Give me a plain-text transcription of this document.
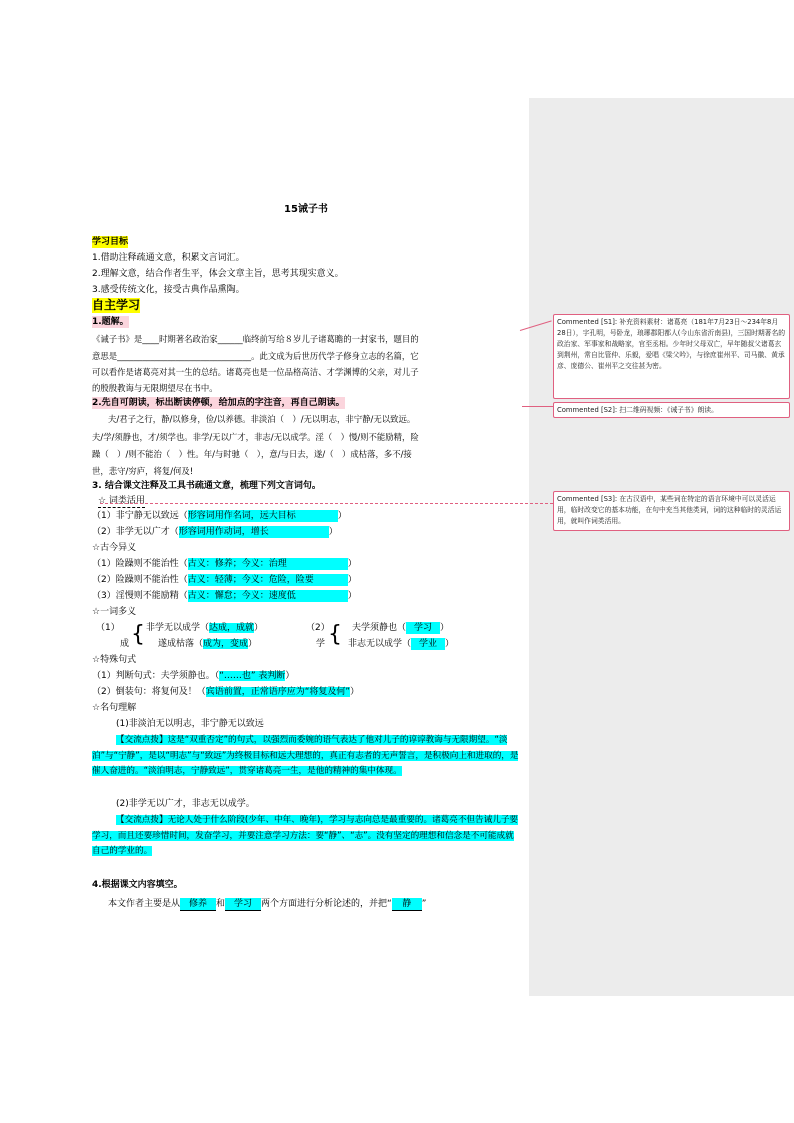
15诫子书
学习目标
1.借助注释疏通文意，积累文言词汇。
2.理解文意，结合作者生平，体会文章主旨，思考其现实意义。
3.感受传统文化，接受古典作品熏陶。
自主学习
1.题解。
《诫子书》是____时期著名政治家______临终前写给８岁儿子诸葛瞻的一封家书，题目的
意思是________________________________。此文成为后世历代学子修身立志的名篇，它
可以看作是诸葛亮对其一生的总结。诸葛亮也是一位品格高洁、才学渊博的父亲，对儿子
的殷殷教诲与无限期望尽在书中。
2.先自可朗读，标出断读停顿，给加点的字注音，再自己朗读。
夫/君子之行，静/以修身，俭/以养德。非淡泊（　）/无以明志，非宁静/无以致远。
夫/学/须静也，才/须学也。非学/无以广才，非志/无以成学。淫（　）慢/则不能励精，险
躁（　）/则不能治（　）性。年/与时驰（　），意/与日去，遂/（　）成枯落，多不/接
世，悲守/穷庐，将复/何及!
3. 结合课文注释及工具书疏通文意，梳理下列文言词句。
☆ 词类活用
（1）非宁静无以致远（形容词用作名词，远大目标	）
（2）非学无以广才（形容词用作动词，增长	）
☆古今异义
（1）险躁则不能治性（古义：修养；今义：治理	）
（2）险躁则不能治性（古义：轻薄；今义：危险，险要	）
（3）淫慢则不能励精（古义：懈怠；今义：速度低	）
☆一词多义
（1）
成 { 非学无以成学（达成，成就）
遂成枯落（成为，变成）
（2）
学 { 夫学须静也（ 学习 ）
非志无以成学（ 学业 ）
☆特殊句式
（1）判断句式：夫学须静也。（“……也” 表判断）
（2）倒装句：将复何及！（宾语前置，正常语序应为“将复及何”）
☆名句理解
(1)非淡泊无以明志，非宁静无以致远
【交流点拨】这是“双重否定”的句式，以强烈而委婉的语气表达了他对儿子的谆谆教诲与无限期望。“淡泊”与“宁静”，是以“明志”与“致远”为终极目标和远大理想的，真正有志者的无声誓言，是积极向上和进取的，是催人奋进的。“淡泊明志，宁静致远”，贯穿诸葛亮一生，是他的精神的集中体现。
(2)非学无以广才，非志无以成学。
【交流点拨】无论人处于什么阶段(少年、中年、晚年)，学习与志向总是最重要的。诸葛亮不但告诫儿子要学习，而且还要珍惜时间，发奋学习，并要注意学习方法：要“静”、“志”。没有坚定的理想和信念是不可能成就自己的学业的。
4.根据课文内容填空。
本文作者主要是从 修养 和 学习 两个方面进行分析论述的，并把“ 静 ”
Commented [S1]: 补充资料素材：诸葛亮（181年7月23日～234年8月28日），字孔明，号卧龙，琅琊郡阳都人(今山东省沂南县)，三国时期著名的政治家、军事家和战略家，官至丞相。少年时父母双亡，早年随叔父诸葛玄到荆州，常自比管仲、乐毅，爱唱《梁父吟》，与徐庶崔州平、司马徽、黄承彦、庞德公、崔州平之交往甚为密。
Commented [S2]: 扫二维码视频：《诫子书》朗读。
Commented [S3]: 在古汉语中，某些词在特定的语言环境中可以灵活运用，临时改变它的基本功能，在句中充当其他类词，词的这种临时的灵活运用，就叫作词类活用。
